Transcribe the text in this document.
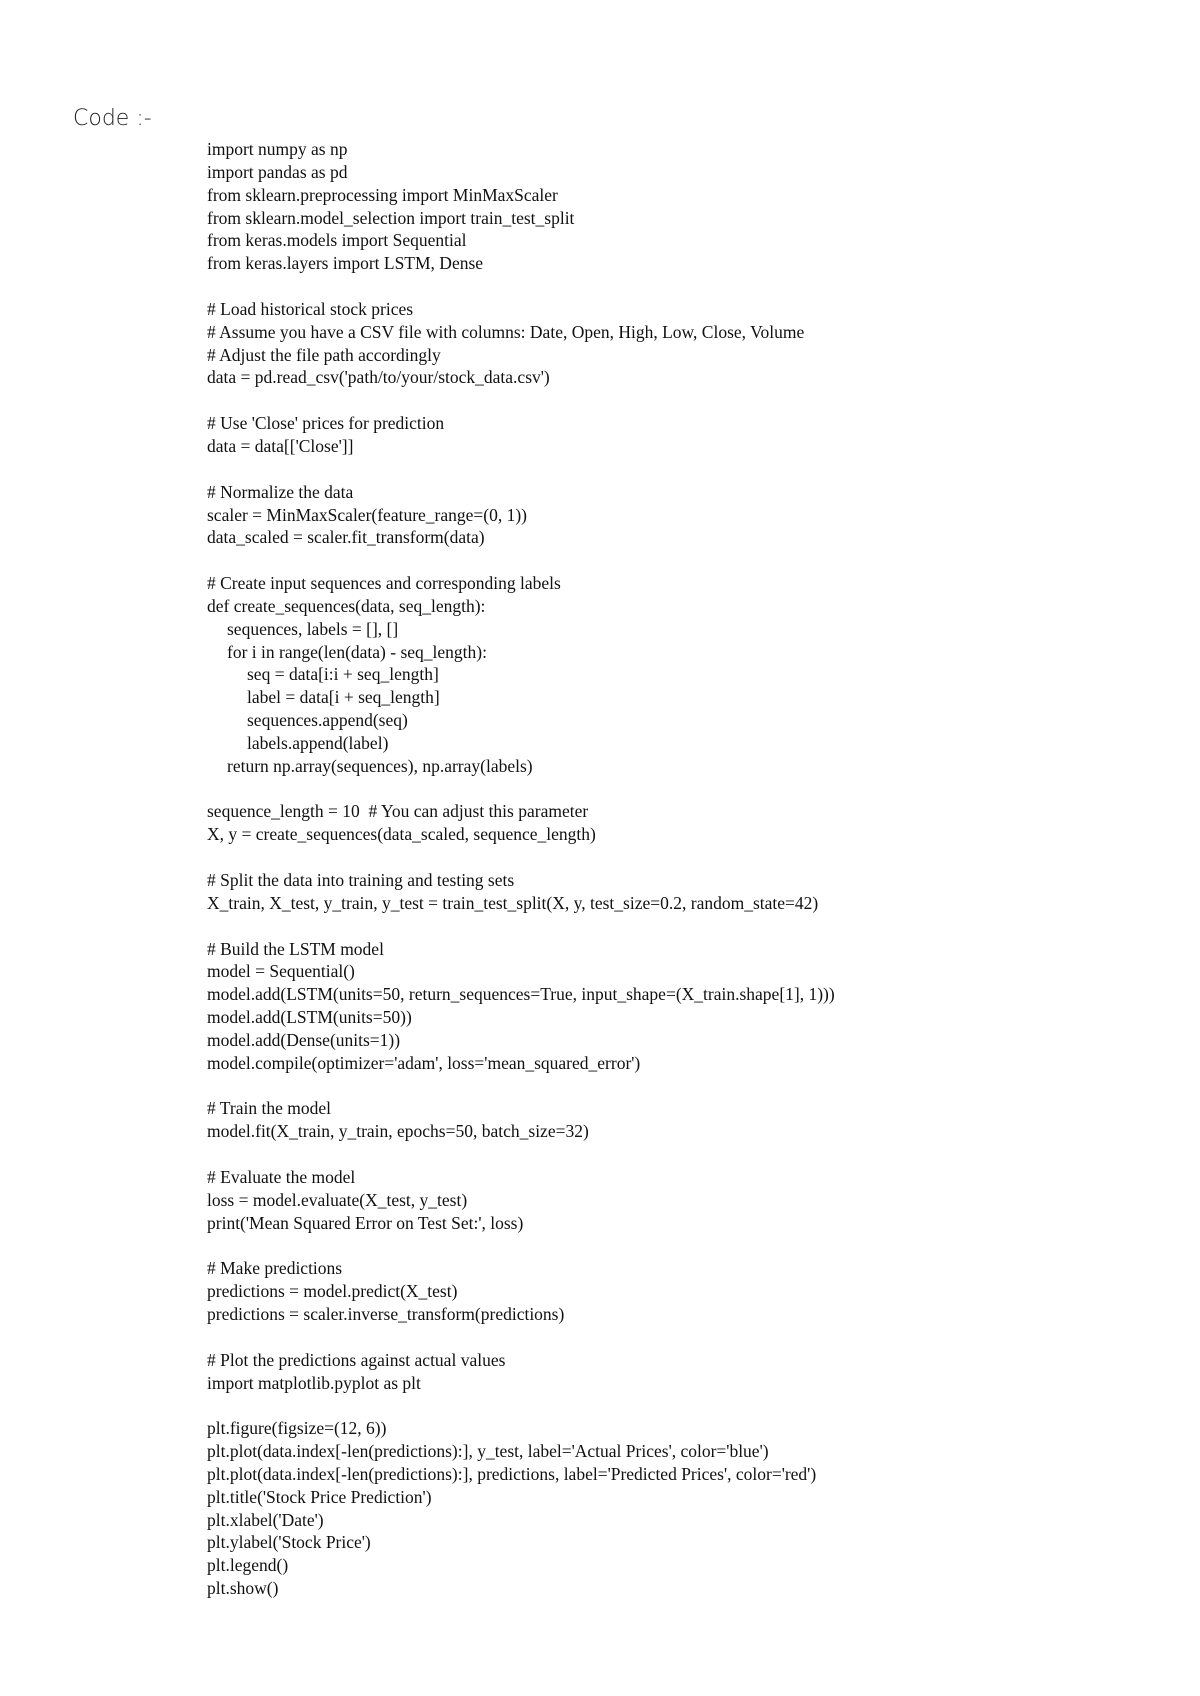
Code :-
import numpy as np
import pandas as pd
from sklearn.preprocessing import MinMaxScaler
from sklearn.model_selection import train_test_split
from keras.models import Sequential
from keras.layers import LSTM, Dense
# Load historical stock prices
# Assume you have a CSV file with columns: Date, Open, High, Low, Close, Volume
# Adjust the file path accordingly
data = pd.read_csv('path/to/your/stock_data.csv')
# Use 'Close' prices for prediction
data = data[['Close']]
# Normalize the data
scaler = MinMaxScaler(feature_range=(0, 1))
data_scaled = scaler.fit_transform(data)
# Create input sequences and corresponding labels
def create_sequences(data, seq_length):
sequences, labels = [], []
for i in range(len(data) - seq_length):
seq = data[i:i + seq_length]
label = data[i + seq_length]
sequences.append(seq)
labels.append(label)
return np.array(sequences), np.array(labels)
sequence_length = 10  # You can adjust this parameter
X, y = create_sequences(data_scaled, sequence_length)
# Split the data into training and testing sets
X_train, X_test, y_train, y_test = train_test_split(X, y, test_size=0.2, random_state=42)
# Build the LSTM model
model = Sequential()
model.add(LSTM(units=50, return_sequences=True, input_shape=(X_train.shape[1], 1)))
model.add(LSTM(units=50))
model.add(Dense(units=1))
model.compile(optimizer='adam', loss='mean_squared_error')
# Train the model
model.fit(X_train, y_train, epochs=50, batch_size=32)
# Evaluate the model
loss = model.evaluate(X_test, y_test)
print('Mean Squared Error on Test Set:', loss)
# Make predictions
predictions = model.predict(X_test)
predictions = scaler.inverse_transform(predictions)
# Plot the predictions against actual values
import matplotlib.pyplot as plt
plt.figure(figsize=(12, 6))
plt.plot(data.index[-len(predictions):], y_test, label='Actual Prices', color='blue')
plt.plot(data.index[-len(predictions):], predictions, label='Predicted Prices', color='red')
plt.title('Stock Price Prediction')
plt.xlabel('Date')
plt.ylabel('Stock Price')
plt.legend()
plt.show()
